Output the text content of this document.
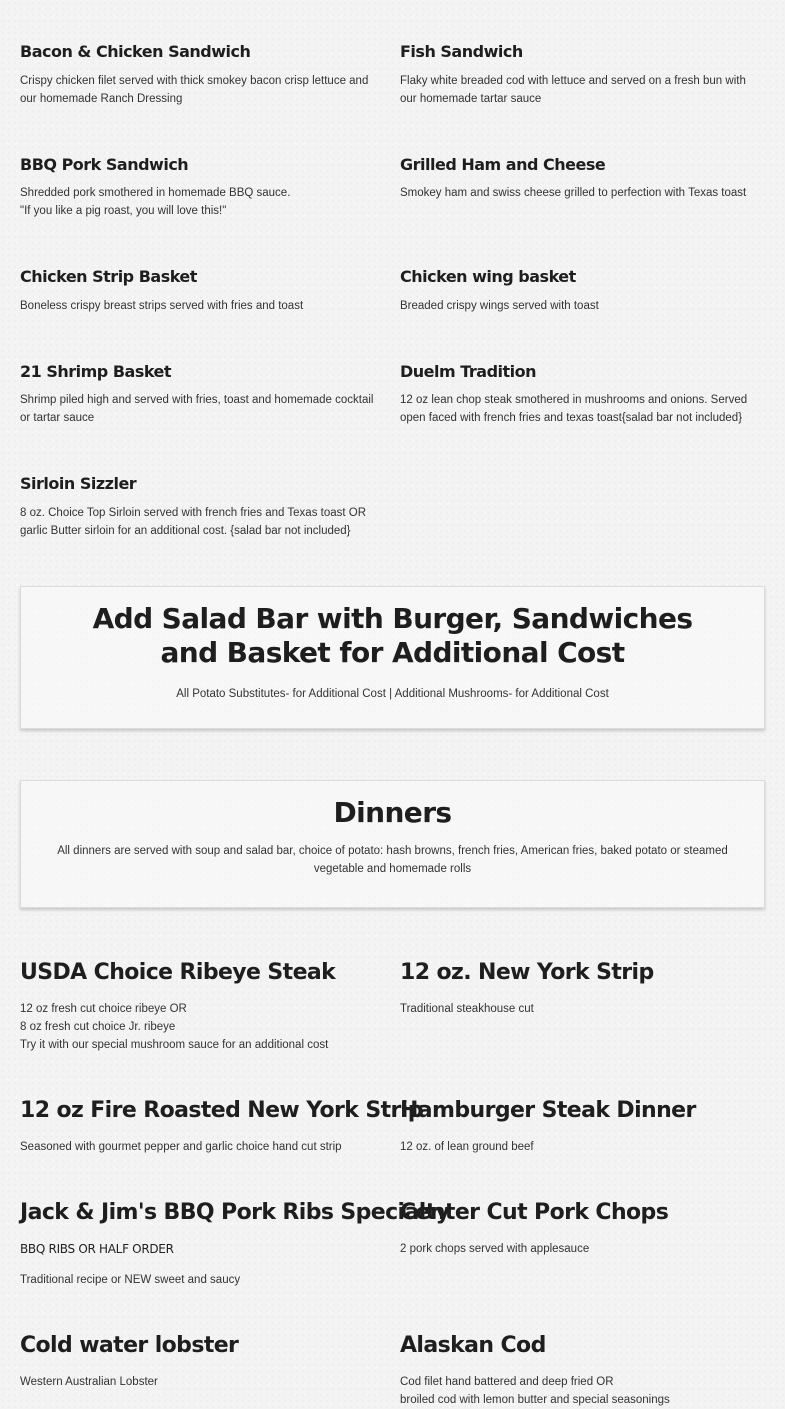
Bacon & Chicken Sandwich

Crispy chicken filet served with thick smokey bacon crisp lettuce and our homemade Ranch Dressing

Fish Sandwich

Flaky white breaded cod with lettuce and served on a fresh bun with our homemade tartar sauce

BBQ Pork Sandwich

Shredded pork smothered in homemade BBQ sauce.
"If you like a pig roast, you will love this!"

Grilled Ham and Cheese

Smokey ham and swiss cheese grilled to perfection with Texas toast

Chicken Strip Basket

Boneless crispy breast strips served with fries and toast

Chicken wing basket

Breaded crispy wings served with toast

21 Shrimp Basket

Shrimp piled high and served with fries, toast and homemade cocktail or tartar sauce

Duelm Tradition

12 oz lean chop steak smothered in mushrooms and onions. Served open faced with french fries and texas toast{salad bar not included}

Sirloin Sizzler

8 oz. Choice Top Sirloin served with french fries and Texas toast OR garlic Butter sirloin for an additional cost. {salad bar not included}

Add Salad Bar with Burger, Sandwiches and Basket for Additional Cost

All Potato Substitutes- for Additional Cost | Additional Mushrooms- for Additional Cost

Dinners

All dinners are served with soup and salad bar, choice of potato: hash browns, french fries, American fries, baked potato or steamed vegetable and homemade rolls

USDA Choice Ribeye Steak

12 oz fresh cut choice ribeye OR
8 oz fresh cut choice Jr. ribeye
Try it with our special mushroom sauce for an additional cost

12 oz. New York Strip

Traditional steakhouse cut

12 oz Fire Roasted New York Strip

Seasoned with gourmet pepper and garlic choice hand cut strip

Hamburger Steak Dinner

12 oz. of lean ground beef

Jack & Jim's BBQ Pork Ribs Specialty

BBQ RIBS OR HALF ORDER

Traditional recipe or NEW sweet and saucy

Center Cut Pork Chops

2 pork chops served with applesauce

Cold water lobster

Western Australian Lobster

Alaskan Cod

Cod filet hand battered and deep fried OR
broiled cod with lemon butter and special seasonings
